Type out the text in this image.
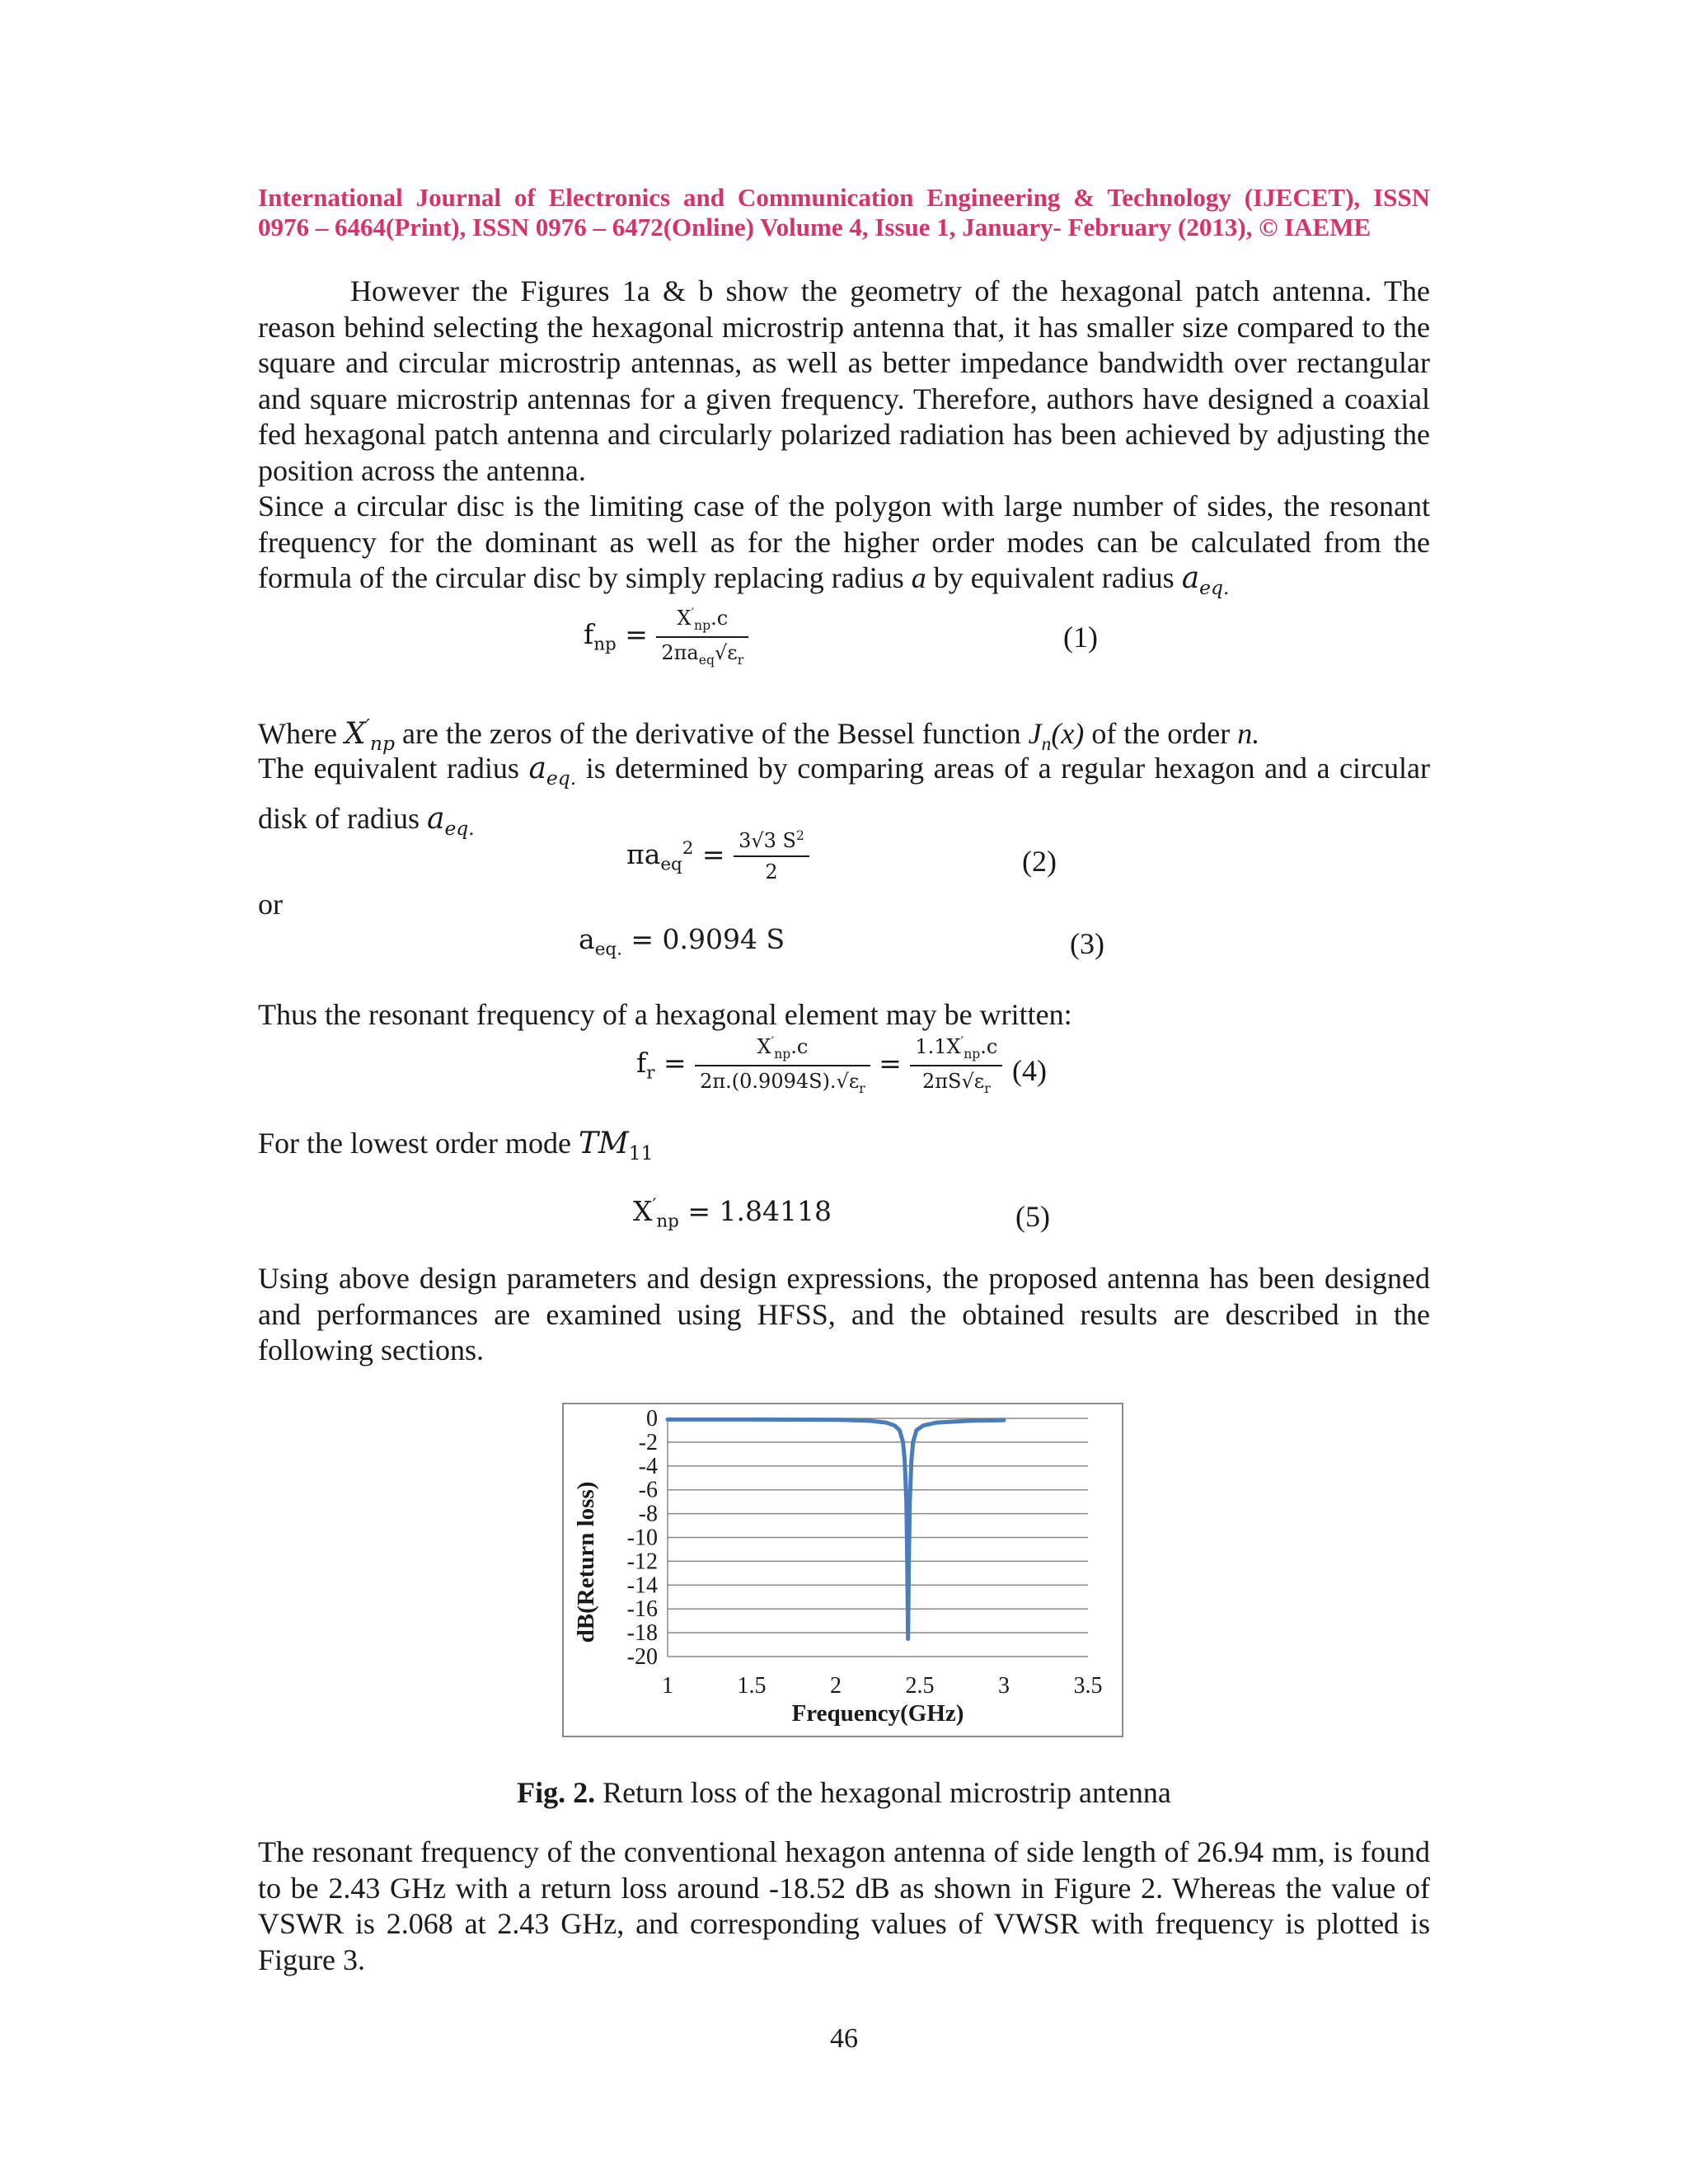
International Journal of Electronics and Communication Engineering & Technology (IJECET), ISSN
0976 – 6464(Print), ISSN 0976 – 6472(Online) Volume 4, Issue 1, January- February (2013), © IAEME
However the Figures 1a & b show the geometry of the hexagonal patch antenna. The reason behind selecting the hexagonal microstrip antenna that, it has smaller size compared to the square and circular microstrip antennas, as well as better impedance bandwidth over rectangular and square microstrip antennas for a given frequency. Therefore, authors have designed a coaxial fed hexagonal patch antenna and circularly polarized radiation has been achieved by adjusting the position across the antenna.
Since a circular disc is the limiting case of the polygon with large number of sides, the resonant frequency for the dominant as well as for the higher order modes can be calculated from the formula of the circular disc by simply replacing radius a by equivalent radius $a_{eq.}$
$f_{np} = \frac{X'_{np}.c}{2\pi a_{eq}√\varepsilon_r}$	(1)
Where $X'_{np}$ are the zeros of the derivative of the Bessel function $J_n(x)$ of the order n.
The equivalent radius $a_{eq.}$ is determined by comparing areas of a regular hexagon and a circular disk of radius $a_{eq.}$
$\pi a_{eq}^2 = \frac{3√3 S^2}{2}$	(2)
or
$a_{eq.} = 0.9094$ S	(3)
Thus the resonant frequency of a hexagonal element may be written:
$f_r = \frac{X'_{np}.c}{2\pi.(0.9094S).√\varepsilon_r} = \frac{1.1X'_{np}.c}{2\pi S√\varepsilon_r} (4)$
For the lowest order mode $TM_{11}$
$X'_{np} = 1.84118$	(5)
Using above design parameters and design expressions, the proposed antenna has been designed and performances are examined using HFSS, and the obtained results are described in the following sections.
0
-2
-4
-6
-8
-10
-12
-14
-16
-18
-20
1	1.5	2	2.5	3	3.5
Frequency(GHz)
dB(Return loss)
Fig. 2. Return loss of the hexagonal microstrip antenna
The resonant frequency of the conventional hexagon antenna of side length of 26.94 mm, is found to be 2.43 GHz with a return loss around -18.52 dB as shown in Figure 2. Whereas the value of VSWR is 2.068 at 2.43 GHz, and corresponding values of VWSR with frequency is plotted is Figure 3.
46
